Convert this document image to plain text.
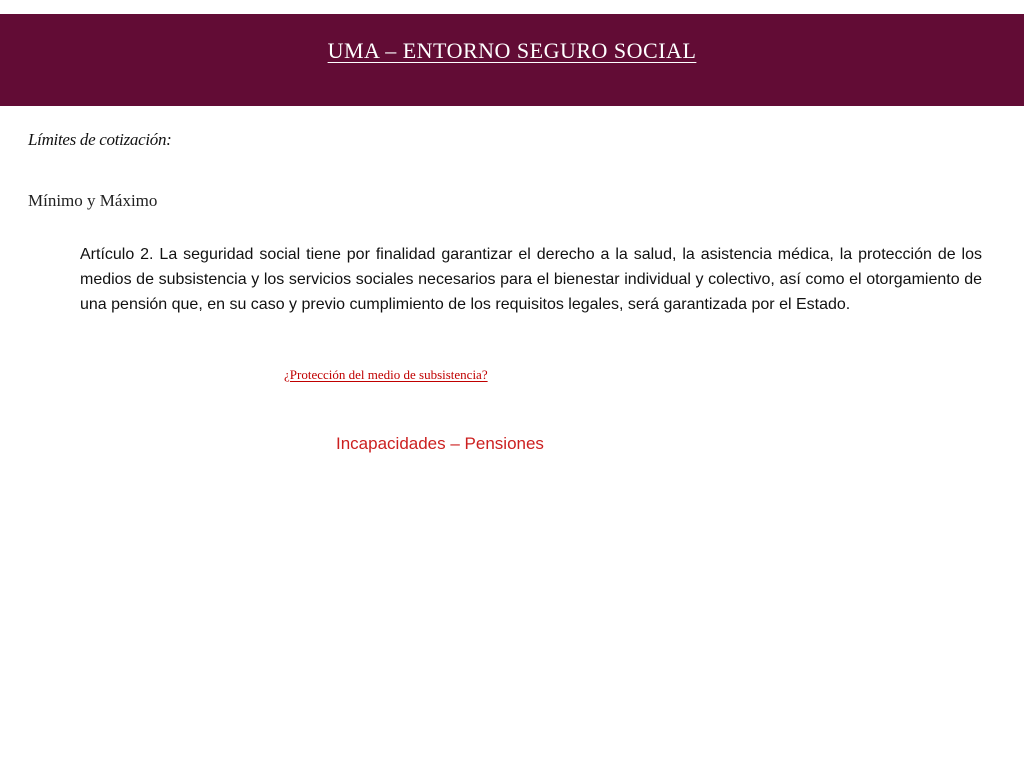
UMA – ENTORNO SEGURO SOCIAL
Límites de cotización:
Mínimo y Máximo

Artículo 2. La seguridad social tiene por finalidad garantizar el derecho a la salud, la asistencia médica, la protección de los medios de subsistencia y los servicios sociales necesarios para el bienestar individual y colectivo, así como el otorgamiento de una pensión que, en su caso y previo cumplimiento de los requisitos legales, será garantizada por el Estado.

¿Protección del medio de subsistencia?
Incapacidades – Pensiones
